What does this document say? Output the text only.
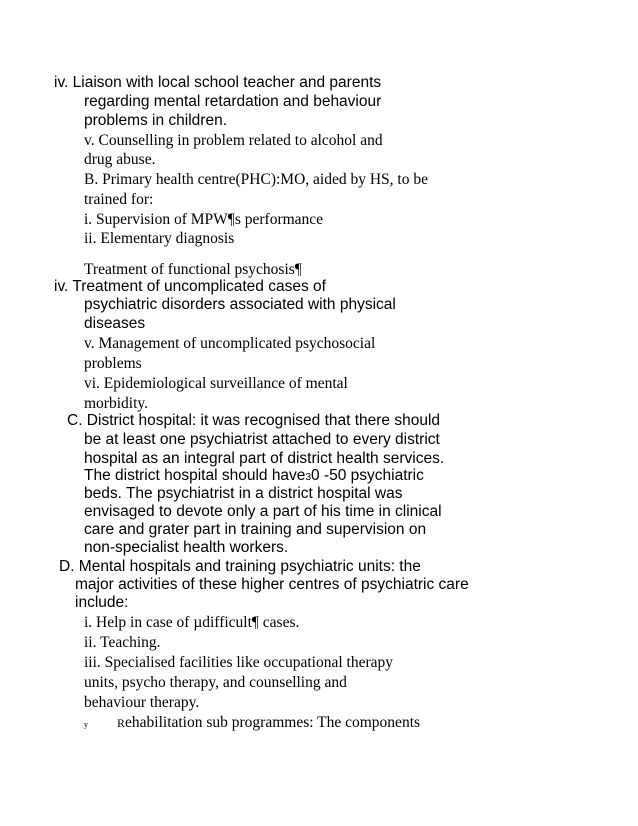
iv. Liaison with local school teacher and parents
regarding mental retardation and behaviour
problems in children.
v. Counselling in problem related to alcohol and
drug abuse.
B. Primary health centre(PHC):MO, aided by HS, to be
trained for:
i. Supervision of MPW¶s performance
ii. Elementary diagnosis
Treatment of functional psychosis¶
iv. Treatment of uncomplicated cases of
psychiatric disorders associated with physical
diseases
v. Management of uncomplicated psychosocial
problems
vi. Epidemiological surveillance of mental
morbidity.
C. District hospital: it was recognised that there should
be at least one psychiatrist attached to every district
hospital as an integral part of district health services.
The district hospital should have30 -50 psychiatric
beds. The psychiatrist in a district hospital was
envisaged to devote only a part of his time in clinical
care and grater part in training and supervision on
non-specialist health workers.
D. Mental hospitals and training psychiatric units: the
major activities of these higher centres of psychiatric care
include:
i. Help in case of µdifficult¶ cases.
ii. Teaching.
iii. Specialised facilities like occupational therapy
units, psycho therapy, and counselling and
behaviour therapy.
y Rehabilitation sub programmes: The components
